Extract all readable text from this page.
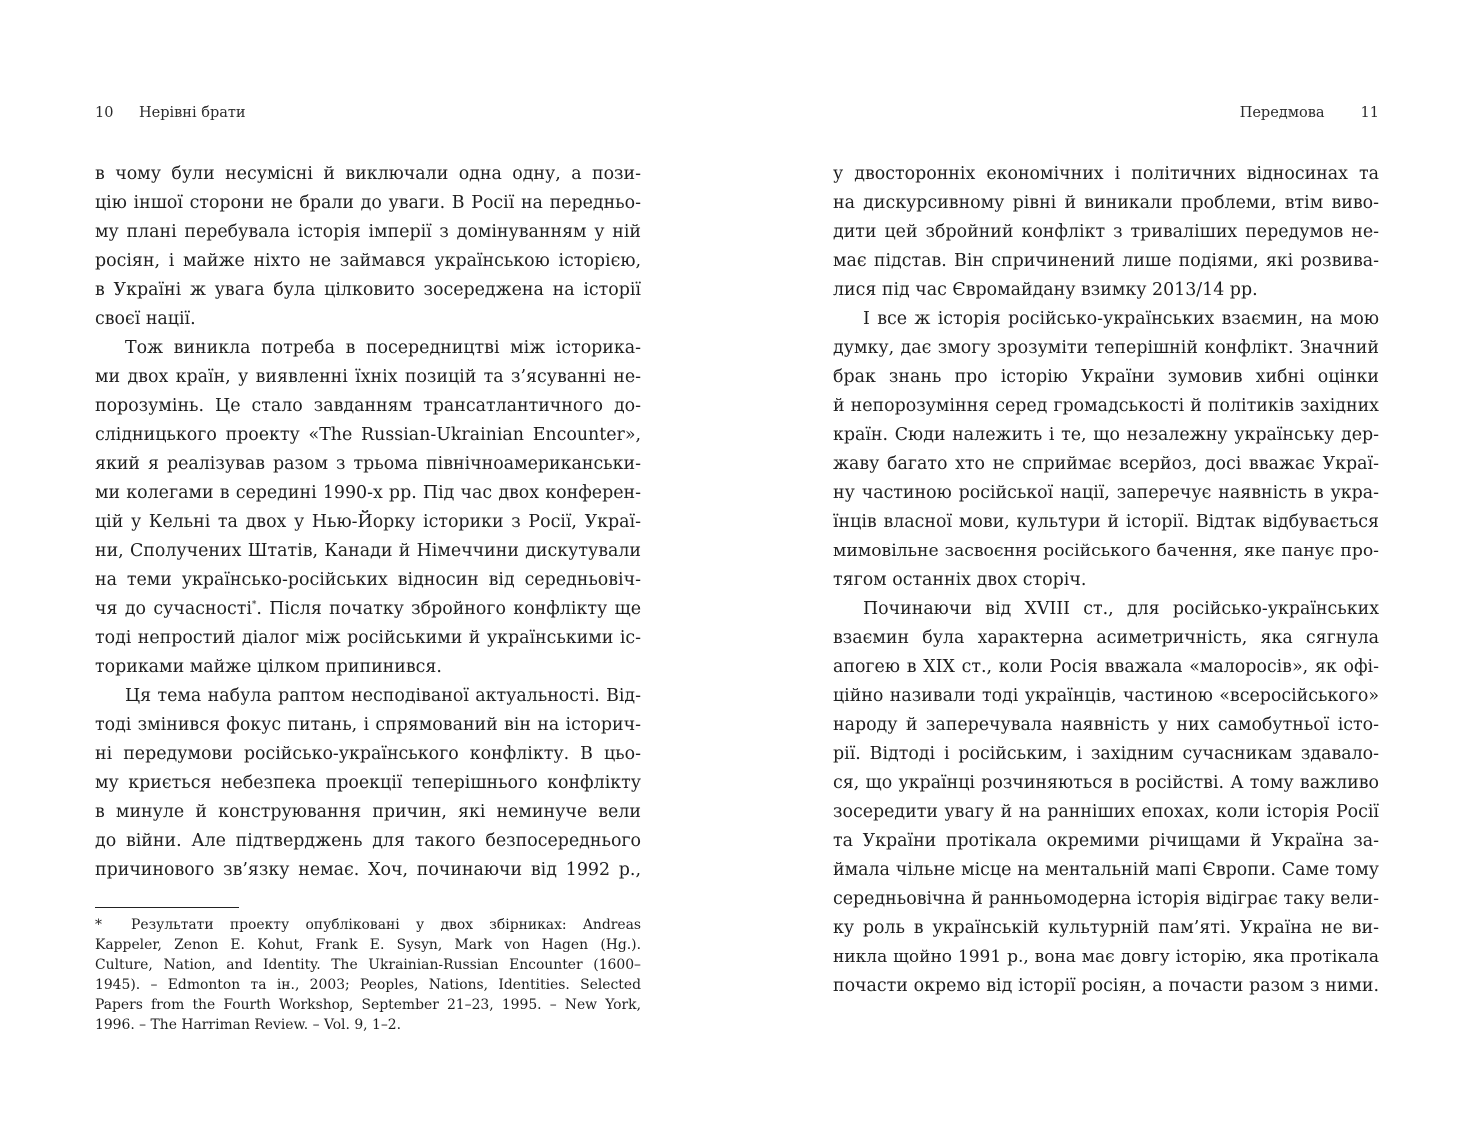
10 Нерівні брати
в чому були несумісні й виключали одна одну, а пози-
цію іншої сторони не брали до уваги. В Росії на передньо-
му плані перебувала історія імперії з домінуванням у ній
росіян, і майже ніхто не займався українською історією,
в Україні ж увага була цілковито зосереджена на історії
своєї нації.
Тож виникла потреба в посередництві між історика-
ми двох країн, у виявленні їхніх позицій та з’ясуванні не-
порозумінь. Це стало завданням трансатлантичного до-
слідницького проекту «The Russian-Ukrainian Encounter»,
який я реалізував разом з трьома північноамериканськи-
ми колегами в середині 1990-х рр. Під час двох конферен-
цій у Кельні та двох у Нью-Йорку історики з Росії, Украї-
ни, Сполучених Штатів, Канади й Німеччини дискутували
на теми українсько-російських відносин від середньовіч-
чя до сучасності*. Після початку збройного конфлікту ще
тоді непростий діалог між російськими й українськими іс-
ториками майже цілком припинився.
Ця тема набула раптом несподіваної актуальності. Від-
тоді змінився фокус питань, і спрямований він на історич-
ні передумови російсько-українського конфлікту. В цьо-
му криється небезпека проекції теперішнього конфлікту
в минуле й конструювання причин, які неминуче вели
до війни. Але підтверджень для такого безпосереднього
причинового зв’язку немає. Хоч, починаючи від 1992 р.,
* Результати проекту опубліковані у двох збірниках: Andreas
Kappeler, Zenon E. Kohut, Frank E. Sysyn, Mark von Hagen (Hg.).
Culture, Nation, and Identity. The Ukrainian-Russian Encounter (1600–
1945). – Edmonton та ін., 2003; Peoples, Nations, Identities. Selected
Papers from the Fourth Workshop, September 21–23, 1995. – New York,
1996. – The Harriman Review. – Vol. 9, 1–2.
Передмова 11
у двосторонніх економічних і політичних відносинах та
на дискурсивному рівні й виникали проблеми, втім виво-
дити цей збройний конфлікт з триваліших передумов не-
має підстав. Він спричинений лише подіями, які розвива-
лися під час Євромайдану взимку 2013/14 рр.
І все ж історія російсько-українських взаємин, на мою
думку, дає змогу зрозуміти теперішній конфлікт. Значний
брак знань про історію України зумовив хибні оцінки
й непорозуміння серед громадськості й політиків західних
країн. Сюди належить і те, що незалежну українську дер-
жаву багато хто не сприймає всерйоз, досі вважає Украї-
ну частиною російської нації, заперечує наявність в укра-
їнців власної мови, культури й історії. Відтак відбувається
мимовільне засвоєння російського бачення, яке панує про-
тягом останніх двох сторіч.
Починаючи від XVIII ст., для російсько-українських
взаємин була характерна асиметричність, яка сягнула
апогею в XIX ст., коли Росія вважала «малоросів», як офі-
ційно називали тоді українців, частиною «всеросійського»
народу й заперечувала наявність у них самобутньої істо-
рії. Відтоді і російським, і західним сучасникам здавало-
ся, що українці розчиняються в російстві. А тому важливо
зосередити увагу й на ранніших епохах, коли історія Росії
та України протікала окремими річищами й Україна за-
ймала чільне місце на ментальній мапі Європи. Саме тому
середньовічна й ранньомодерна історія відіграє таку вели-
ку роль в українській культурній пам’яті. Україна не ви-
никла щойно 1991 р., вона має довгу історію, яка протікала
почасти окремо від історії росіян, а почасти разом з ними.
